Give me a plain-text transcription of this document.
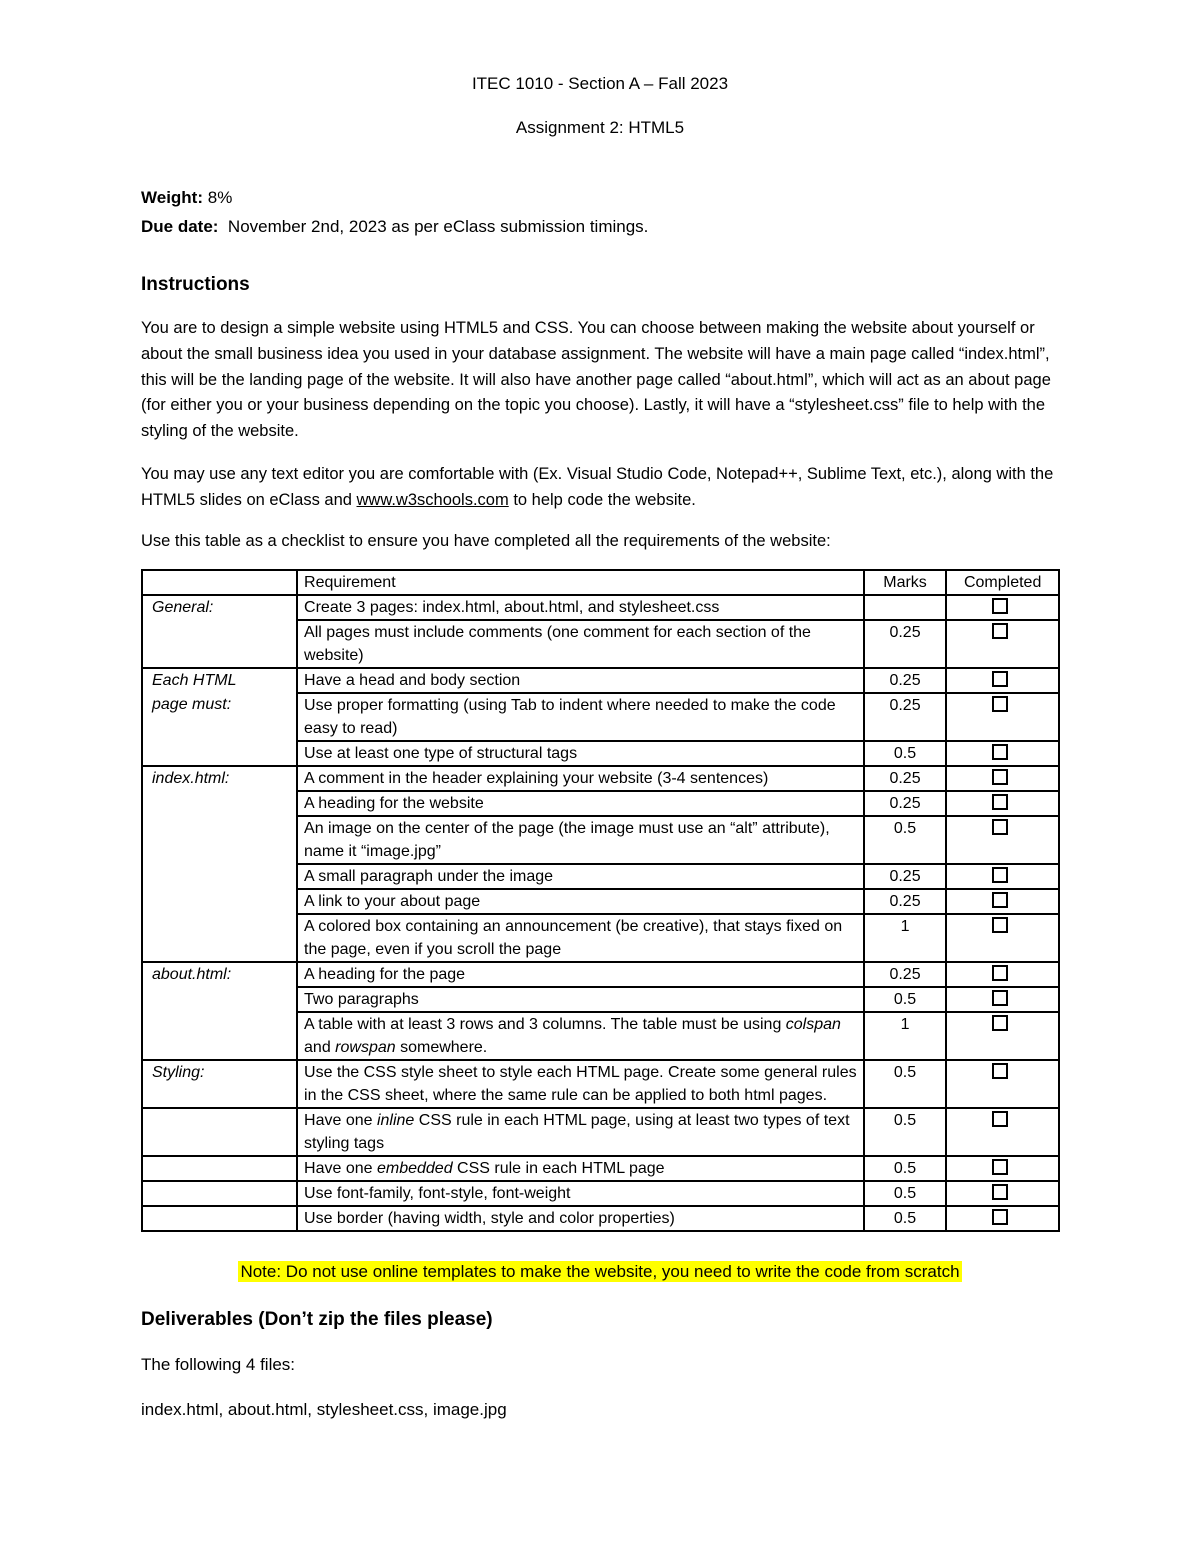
ITEC 1010 - Section A – Fall 2023
Assignment 2: HTML5
Weight: 8%
Due date:  November 2nd, 2023 as per eClass submission timings.
Instructions
You are to design a simple website using HTML5 and CSS. You can choose between making the website about yourself or about the small business idea you used in your database assignment. The website will have a main page called “index.html”, this will be the landing page of the website. It will also have another page called “about.html”, which will act as an about page (for either you or your business depending on the topic you choose). Lastly, it will have a “stylesheet.css” file to help with the styling of the website.
You may use any text editor you are comfortable with (Ex. Visual Studio Code, Notepad++, Sublime Text, etc.), along with the HTML5 slides on eClass and www.w3schools.com to help code the website.
Use this table as a checklist to ensure you have completed all the requirements of the website:
	Requirement	Marks	Completed
General:	Create 3 pages: index.html, about.html, and stylesheet.css		
	All pages must include comments (one comment for each section of the website)	0.25	
Each HTML	Have a head and body section	0.25	
page must:	Use proper formatting (using Tab to indent where needed to make the code easy to read)	0.25	
	Use at least one type of structural tags	0.5	
index.html:	A comment in the header explaining your website (3-4 sentences)	0.25	
	A heading for the website	0.25	
	An image on the center of the page (the image must use an “alt” attribute), name it “image.jpg”	0.5	
	A small paragraph under the image	0.25	
	A link to your about page	0.25	
	A colored box containing an announcement (be creative), that stays fixed on the page, even if you scroll the page	1	
about.html:	A heading for the page	0.25	
	Two paragraphs	0.5	
	A table with at least 3 rows and 3 columns. The table must be using colspan and rowspan somewhere.	1	
Styling:	Use the CSS style sheet to style each HTML page. Create some general rules in the CSS sheet, where the same rule can be applied to both html pages.	0.5	
	Have one inline CSS rule in each HTML page, using at least two types of text styling tags	0.5	
	Have one embedded CSS rule in each HTML page	0.5	
	Use font-family, font-style, font-weight	0.5	
	Use border (having width, style and color properties)	0.5	
Note: Do not use online templates to make the website, you need to write the code from scratch
Deliverables (Don’t zip the files please)
The following 4 files:
index.html, about.html, stylesheet.css, image.jpg
